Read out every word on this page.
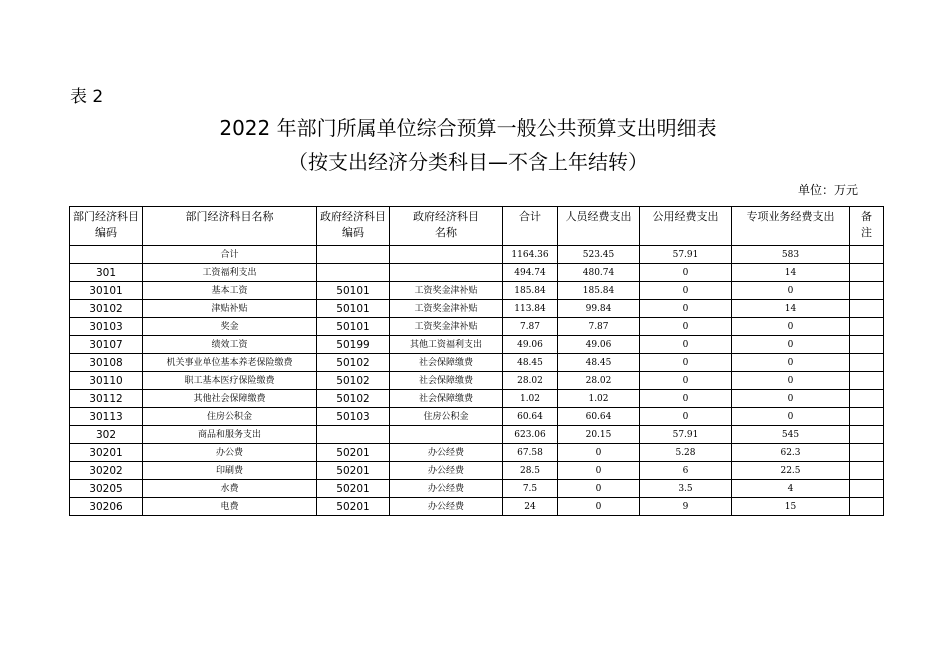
表 2
2022 年部门所属单位综合预算一般公共预算支出明细表
（按支出经济分类科目—不含上年结转）
单位：万元
部门经济科目编码	部门经济科目名称	政府经济科目编码	政府经济科目名称	合计	人员经费支出	公用经费支出	专项业务经费支出	备注
	合计			1164.36	523.45	57.91	583	
301	工资福利支出			494.74	480.74	0	14	
30101	基本工资	50101	工资奖金津补贴	185.84	185.84	0	0	
30102	津贴补贴	50101	工资奖金津补贴	113.84	99.84	0	14	
30103	奖金	50101	工资奖金津补贴	7.87	7.87	0	0	
30107	绩效工资	50199	其他工资福利支出	49.06	49.06	0	0	
30108	机关事业单位基本养老保险缴费	50102	社会保障缴费	48.45	48.45	0	0	
30110	职工基本医疗保险缴费	50102	社会保障缴费	28.02	28.02	0	0	
30112	其他社会保障缴费	50102	社会保障缴费	1.02	1.02	0	0	
30113	住房公积金	50103	住房公积金	60.64	60.64	0	0	
302	商品和服务支出			623.06	20.15	57.91	545	
30201	办公费	50201	办公经费	67.58	0	5.28	62.3	
30202	印刷费	50201	办公经费	28.5	0	6	22.5	
30205	水费	50201	办公经费	7.5	0	3.5	4	
30206	电费	50201	办公经费	24	0	9	15	
